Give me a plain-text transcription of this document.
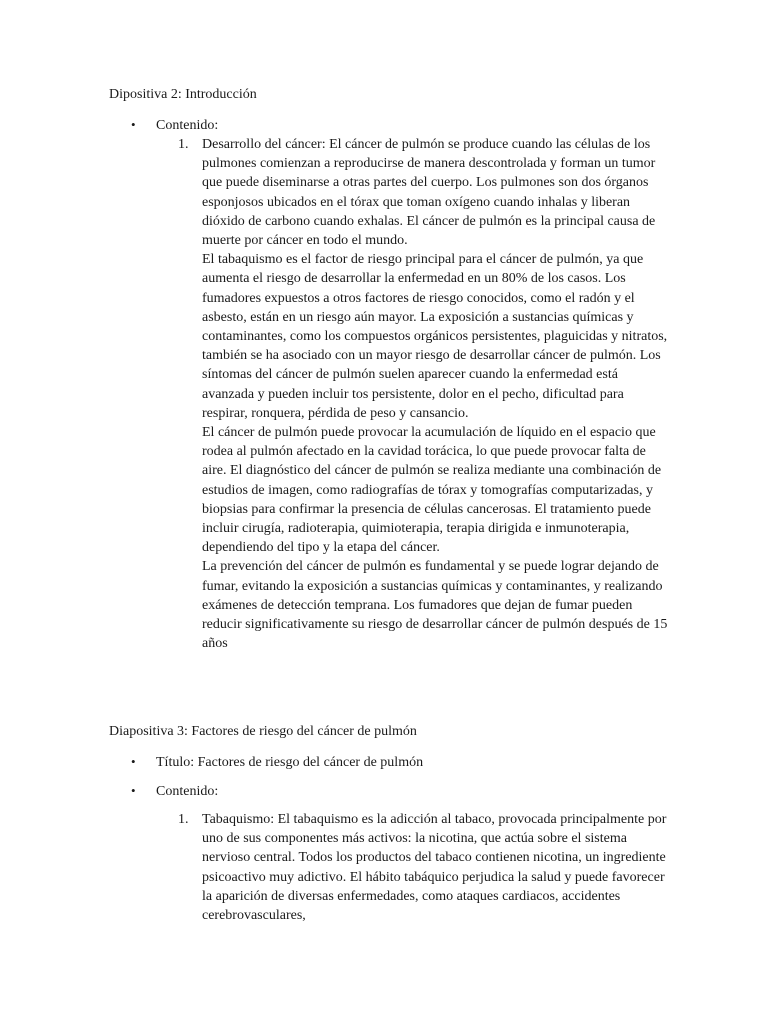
Dipositiva 2: Introducción

• Contenido:
1. Desarrollo del cáncer: El cáncer de pulmón se produce cuando las células de los pulmones comienzan a reproducirse de manera descontrolada y forman un tumor que puede diseminarse a otras partes del cuerpo. Los pulmones son dos órganos esponjosos ubicados en el tórax que toman oxígeno cuando inhalas y liberan dióxido de carbono cuando exhalas. El cáncer de pulmón es la principal causa de muerte por cáncer en todo el mundo.

El tabaquismo es el factor de riesgo principal para el cáncer de pulmón, ya que aumenta el riesgo de desarrollar la enfermedad en un 80% de los casos. Los fumadores expuestos a otros factores de riesgo conocidos, como el radón y el asbesto, están en un riesgo aún mayor. La exposición a sustancias químicas y contaminantes, como los compuestos orgánicos persistentes, plaguicidas y nitratos, también se ha asociado con un mayor riesgo de desarrollar cáncer de pulmón. Los síntomas del cáncer de pulmón suelen aparecer cuando la enfermedad está avanzada y pueden incluir tos persistente, dolor en el pecho, dificultad para respirar, ronquera, pérdida de peso y cansancio.

El cáncer de pulmón puede provocar la acumulación de líquido en el espacio que rodea al pulmón afectado en la cavidad torácica, lo que puede provocar falta de aire. El diagnóstico del cáncer de pulmón se realiza mediante una combinación de estudios de imagen, como radiografías de tórax y tomografías computarizadas, y biopsias para confirmar la presencia de células cancerosas. El tratamiento puede incluir cirugía, radioterapia, quimioterapia, terapia dirigida e inmunoterapia, dependiendo del tipo y la etapa del cáncer.

La prevención del cáncer de pulmón es fundamental y se puede lograr dejando de fumar, evitando la exposición a sustancias químicas y contaminantes, y realizando exámenes de detección temprana. Los fumadores que dejan de fumar pueden reducir significativamente su riesgo de desarrollar cáncer de pulmón después de 15 años

Diapositiva 3: Factores de riesgo del cáncer de pulmón

• Título: Factores de riesgo del cáncer de pulmón
• Contenido:
1. Tabaquismo: El tabaquismo es la adicción al tabaco, provocada principalmente por uno de sus componentes más activos: la nicotina, que actúa sobre el sistema nervioso central. Todos los productos del tabaco contienen nicotina, un ingrediente psicoactivo muy adictivo. El hábito tabáquico perjudica la salud y puede favorecer la aparición de diversas enfermedades, como ataques cardiacos, accidentes cerebrovasculares,
